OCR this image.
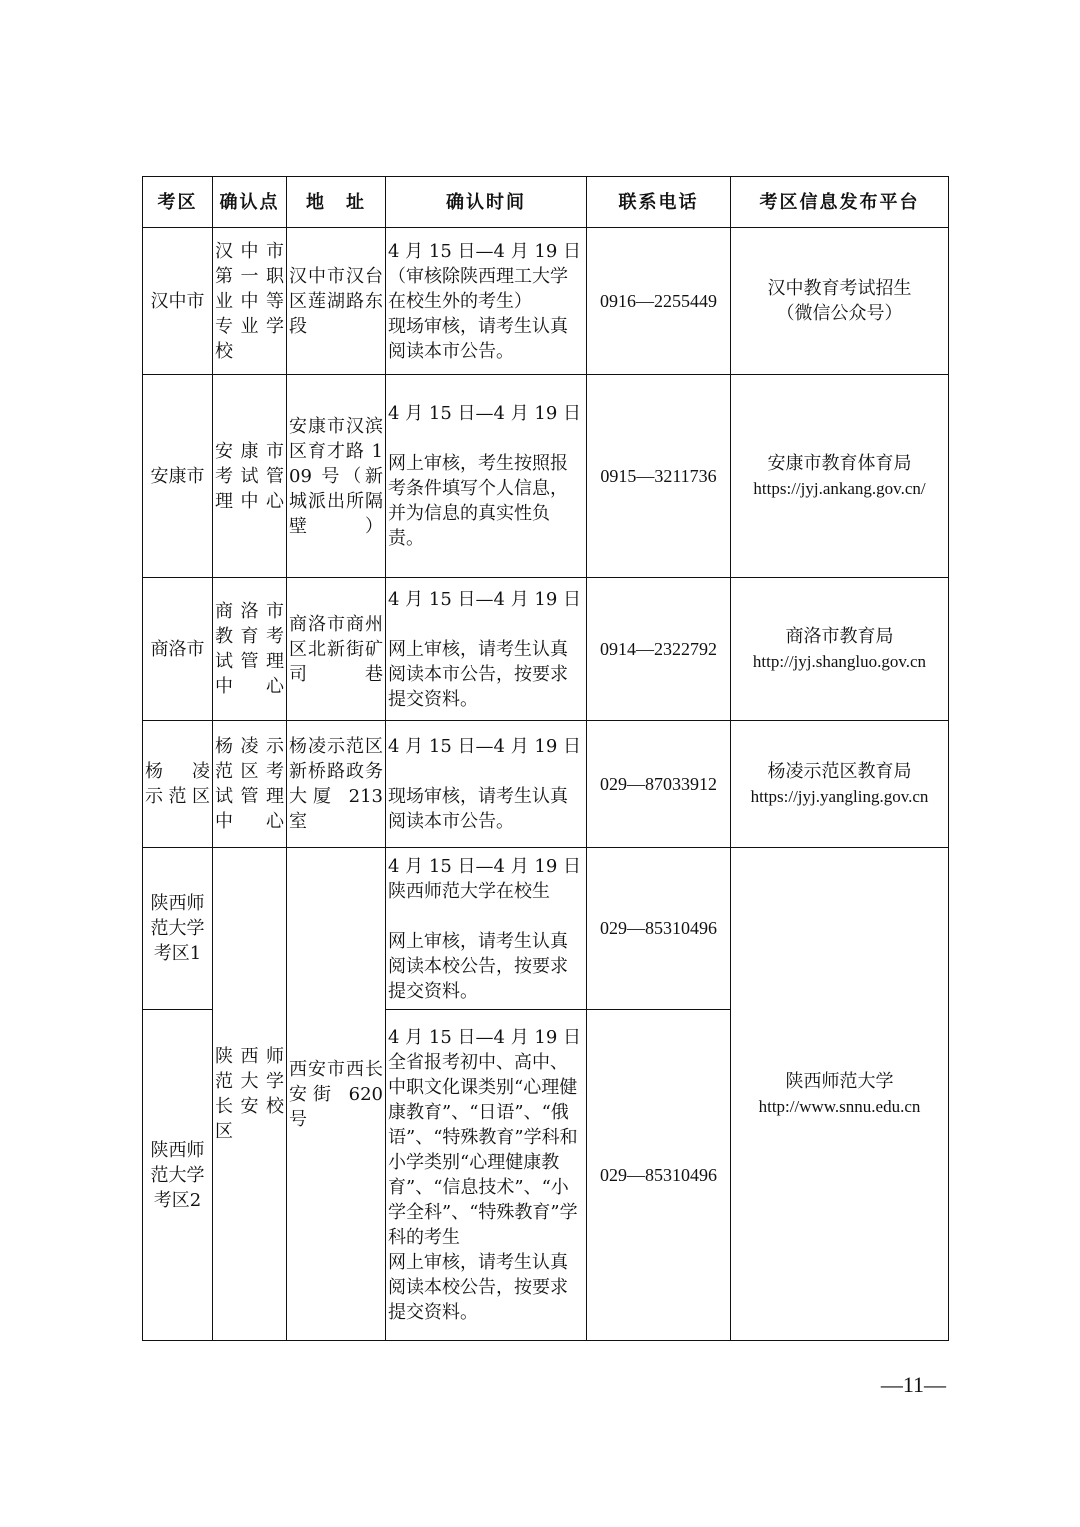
考区	确认点	地　址	确认时间	联系电话	考区信息发布平台
汉中市	汉中市第一职业中等专业学校	汉中市汉台区莲湖路东段	4 月 15 日—4 月 19 日
（审核除陕西理工大学在校生外的考生）
现场审核，请考生认真阅读本市公告。	0916—2255449	汉中教育考试招生
（微信公众号）

安康市	安康市考试管理中心	安康市汉滨区育才路 109 号（新城派出所隔壁）	4 月 15 日—4 月 19 日
网上审核，考生按照报考条件填写个人信息，并为信息的真实性负责。	0915—3211736	安康市教育体育局
https://jyj.ankang.gov.cn/

商洛市	商洛市教育考试管理中心	商洛市商州区北新街矿司巷	4 月 15 日—4 月 19 日
网上审核，请考生认真阅读本市公告，按要求提交资料。	0914—2322792	商洛市教育局
http://jyj.shangluo.gov.cn

杨　凌示范区	杨凌示范区考试管理中心	杨凌示范区新桥路政务大厦 213 室	4 月 15 日—4 月 19 日
现场审核，请考生认真阅读本市公告。	029—87033912	杨凌示范区教育局
https://jyj.yangling.gov.cn

陕西师范大学考区1	陕西师范大学长安校区	西安市西长安街 620 号	4 月 15 日—4 月 19 日
陕西师范大学在校生
网上审核，请考生认真阅读本校公告，按要求提交资料。	029—85310496	陕西师范大学
http://www.snnu.edu.cn

陕西师范大学考区2			4 月 15 日—4 月 19 日
全省报考初中、高中、中职文化课类别“心理健康教育”、“日语”、“俄语”、“特殊教育”学科和小学类别“心理健康教育”、“信息技术”、“小学全科”、“特殊教育”学科的考生
网上审核，请考生认真阅读本校公告，按要求提交资料。	029—85310496	
—11—
